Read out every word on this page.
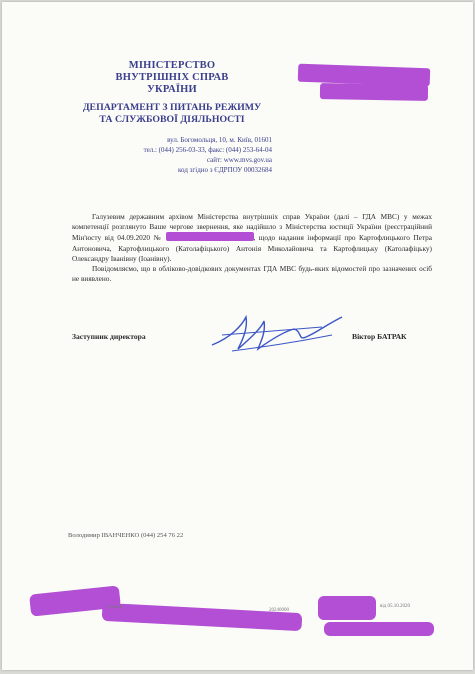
МІНІСТЕРСТВО
ВНУТРІШНІХ СПРАВ
УКРАЇНИ
ДЕПАРТАМЕНТ З ПИТАНЬ РЕЖИМУ
ТА СЛУЖБОВОЇ ДІЯЛЬНОСТІ
вул. Богомольця, 10, м. Київ, 01601
тел.: (044) 256-03-33, факс: (044) 253-64-04
сайт: www.mvs.gov.ua
код згідно з ЄДРПОУ 00032684

Галузевим державним архівом Міністерства внутрішніх справ України (далі – ГДА МВС) у межах компетенції розглянуто Ваше чергове звернення, яке надійшло з Міністерства юстиції України (реєстраційний Мін'юсту від 04.09.2020 №	, щодо надання інформації про Картофлицького Петра Антоновича, Картофлицького (Католафіцького) Антонія Миколайовича та Картофлицьку (Католафіцьку) Олександру Іванівну (Іоанівну).

Повідомляємо, що в обліково-довідкових документах ГДА МВС будь-яких відомостей про зазначених осіб не виявлено.

Заступник директора	Віктор БАТРАК
Володимир ІВАНЧЕНКО (044) 254 76 22
Сертиф
20240000
від 05.10.2020
